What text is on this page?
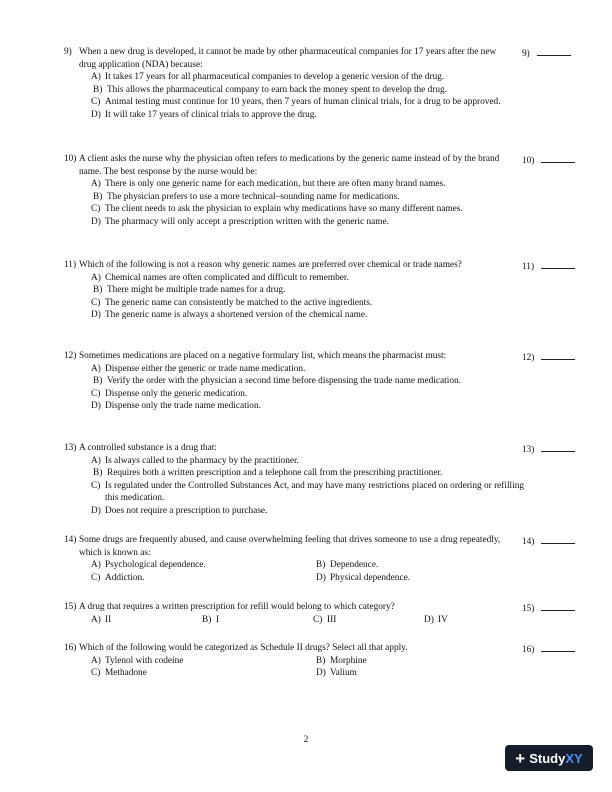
9) When a new drug is developed, it cannot be made by other pharmaceutical companies for 17 years after the new drug application (NDA) because:
9)
A) It takes 17 years for all pharmaceutical companies to develop a generic version of the drug.
B) This allows the pharmaceutical company to earn back the money spent to develop the drug.
C) Animal testing must continue for 10 years, then 7 years of human clinical trials, for a drug to be approved.
D) It will take 17 years of clinical trials to approve the drug.
10) A client asks the nurse why the physician often refers to medications by the generic name instead of by the brand name. The best response by the nurse would be:
10)
A) There is only one generic name for each medication, but there are often many brand names.
B) The physician prefers to use a more technical–sounding name for medications.
C) The client needs to ask the physician to explain why medications have so many different names.
D) The pharmacy will only accept a prescription written with the generic name.
11) Which of the following is not a reason why generic names are preferred over chemical or trade names?	11)
A) Chemical names are often complicated and difficult to remember.
B) There might be multiple trade names for a drug.
C) The generic name can consistently be matched to the active ingredients.
D) The generic name is always a shortened version of the chemical name.
12) Sometimes medications are placed on a negative formulary list, which means the pharmacist must:	12)
A) Dispense either the generic or trade name medication.
B) Verify the order with the physician a second time before dispensing the trade name medication.
C) Dispense only the generic medication.
D) Dispense only the trade name medication.
13) A controlled substance is a drug that:	13)
A) Is always called to the pharmacy by the practitioner.
B) Requires both a written prescription and a telephone call from the prescribing practitioner.
C) Is regulated under the Controlled Substances Act, and may have many restrictions placed on ordering or refilling this medication.
D) Does not require a prescription to purchase.
14) Some drugs are frequently abused, and cause overwhelming feeling that drives someone to use a drug repeatedly, which is known as:
14)
A) Psychological dependence.	B) Dependence.
C) Addiction.	D) Physical dependence.
15) A drug that requires a written prescription for refill would belong to which category?	15)
A) II	B) I	C) III	D) IV
16) Which of the following would be categorized as Schedule II drugs? Select all that apply.	16)
A) Tylenol with codeine	B) Morphine
C) Methadone	D) Valium
2
+ Study XY
